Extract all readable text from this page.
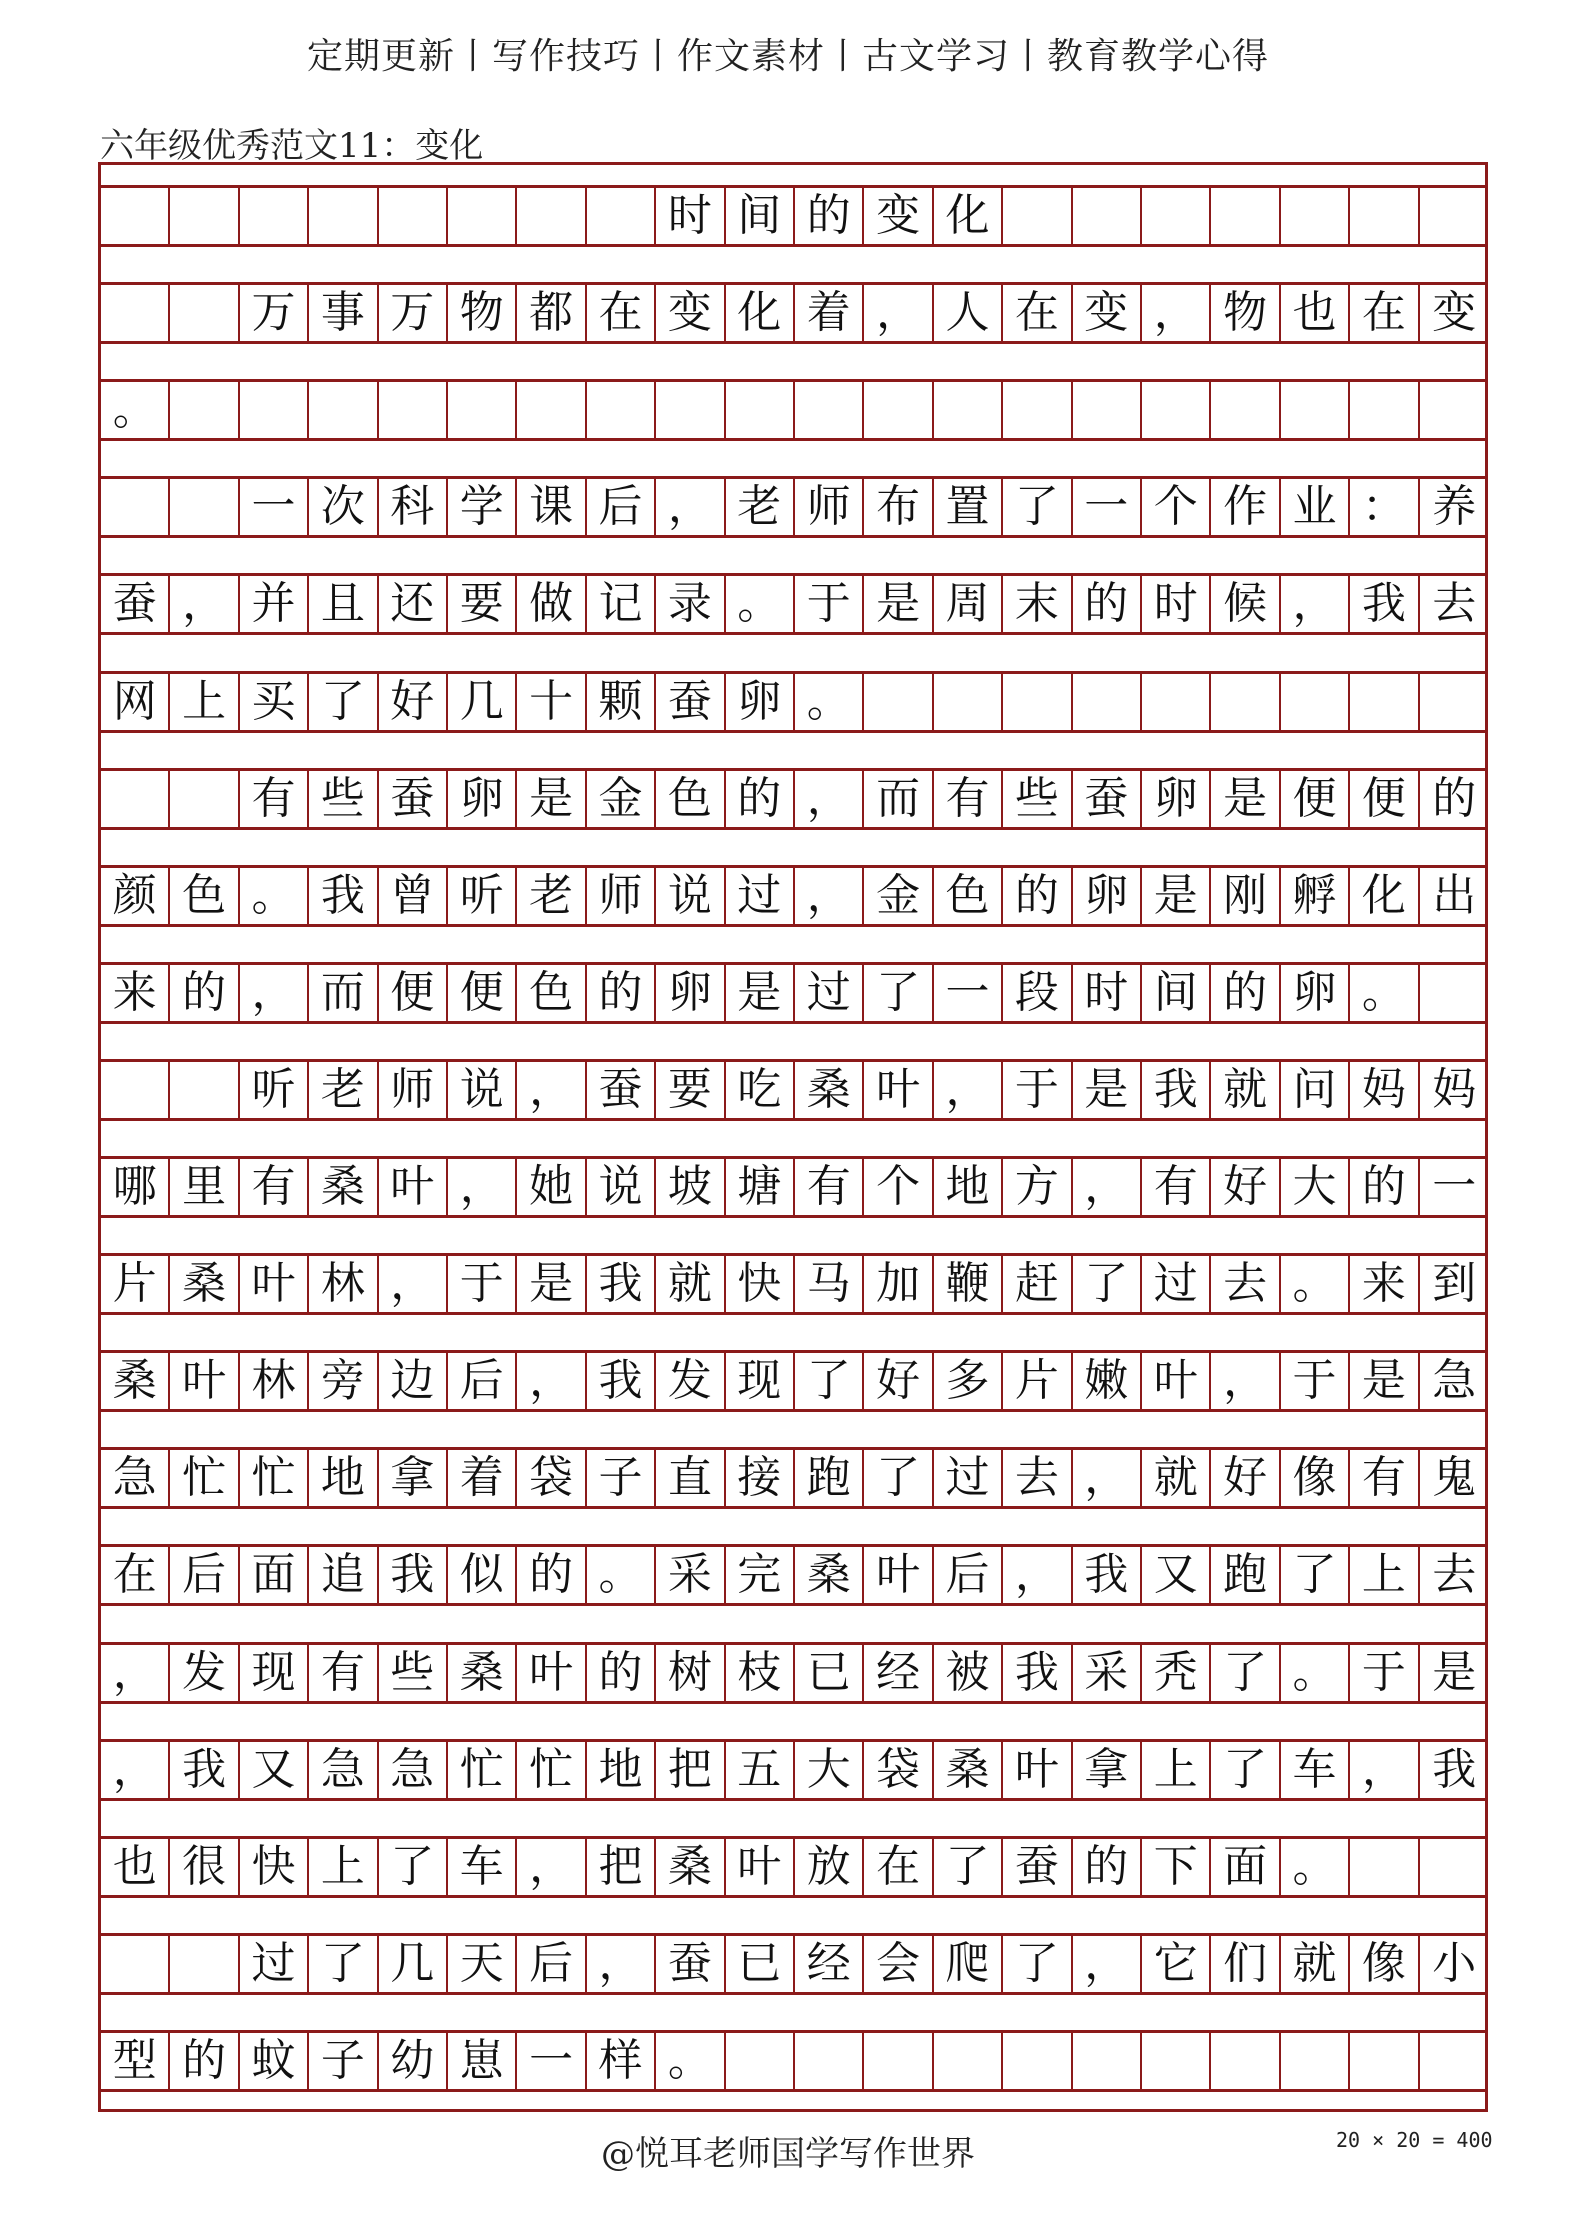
定期更新丨写作技巧丨作文素材丨古文学习丨教育教学心得
六年级优秀范文11：变化
时 间 的 变 化
万 事 万 物 都 在 变 化 着 ， 人 在 变 ， 物 也 在 变
。
一 次 科 学 课 后 ， 老 师 布 置 了 一 个 作 业 ： 养
蚕 ， 并 且 还 要 做 记 录 。 于 是 周 末 的 时 候 ， 我 去
网 上 买 了 好 几 十 颗 蚕 卵 。
有 些 蚕 卵 是 金 色 的 ， 而 有 些 蚕 卵 是 便 便 的
颜 色 。 我 曾 听 老 师 说 过 ， 金 色 的 卵 是 刚 孵 化 出
来 的 ， 而 便 便 色 的 卵 是 过 了 一 段 时 间 的 卵 。
听 老 师 说 ， 蚕 要 吃 桑 叶 ， 于 是 我 就 问 妈 妈
哪 里 有 桑 叶 ， 她 说 坡 塘 有 个 地 方 ， 有 好 大 的 一
片 桑 叶 林 ， 于 是 我 就 快 马 加 鞭 赶 了 过 去 。 来 到
桑 叶 林 旁 边 后 ， 我 发 现 了 好 多 片 嫩 叶 ， 于 是 急
急 忙 忙 地 拿 着 袋 子 直 接 跑 了 过 去 ， 就 好 像 有 鬼
在 后 面 追 我 似 的 。 采 完 桑 叶 后 ， 我 又 跑 了 上 去
， 发 现 有 些 桑 叶 的 树 枝 已 经 被 我 采 秃 了 。 于 是
， 我 又 急 急 忙 忙 地 把 五 大 袋 桑 叶 拿 上 了 车 ， 我
也 很 快 上 了 车 ， 把 桑 叶 放 在 了 蚕 的 下 面 。
过 了 几 天 后 ， 蚕 已 经 会 爬 了 ， 它 们 就 像 小
型 的 蚊 子 幼 崽 一 样 。
@悦耳老师国学写作世界	20 × 20 = 400
